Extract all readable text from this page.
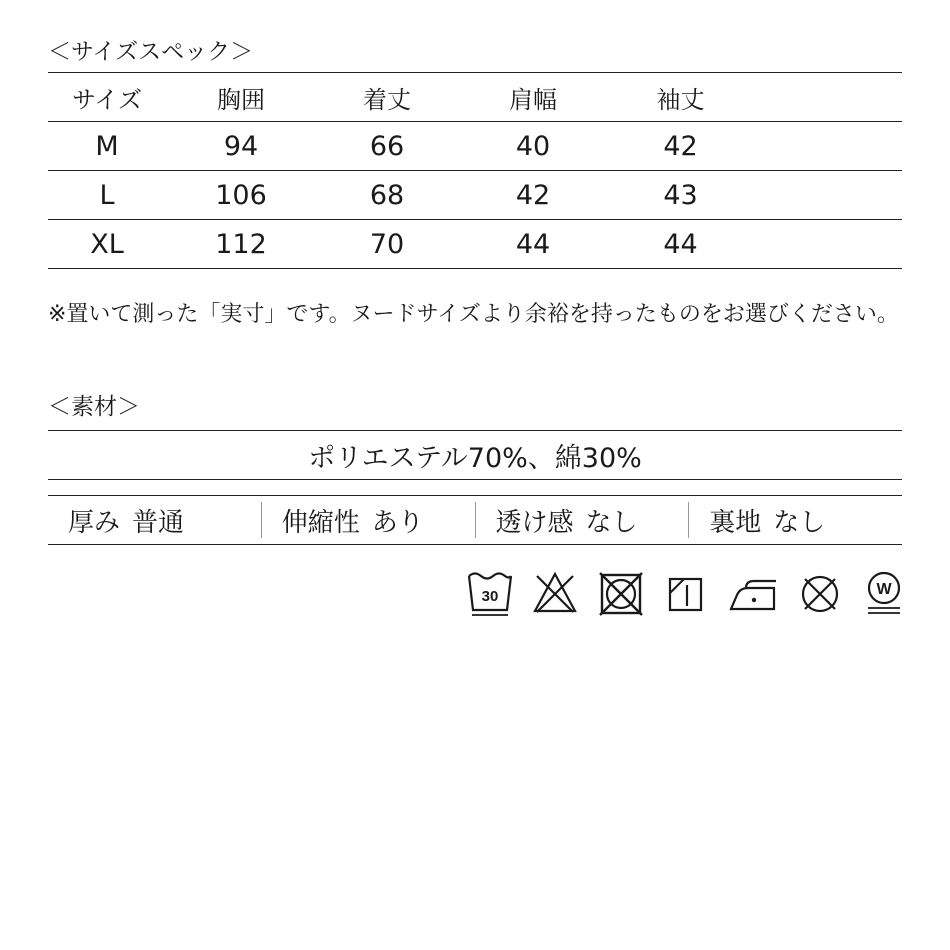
＜サイズスペック＞
サイズ	胸囲	着丈	肩幅	袖丈	
M	94	66	40	42	
L	106	68	42	43	
XL	112	70	44	44	
※置いて測った「実寸」です。ヌードサイズより余裕を持ったものをお選びください。
＜素材＞
ポリエステル70%、綿30%
厚み 普通	伸縮性 あり	透け感 なし	裏地 なし
30	W
